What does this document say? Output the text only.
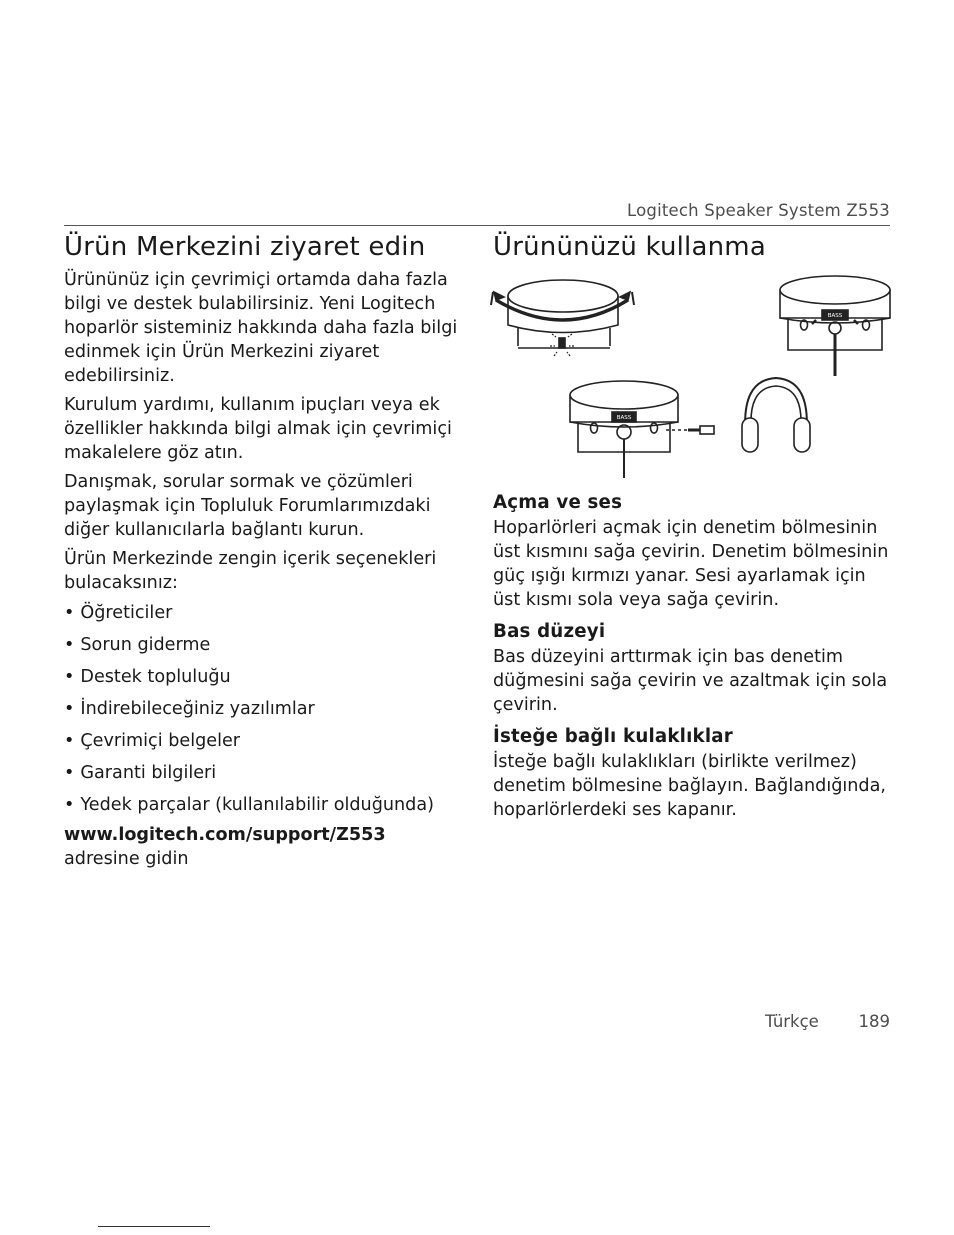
Logitech Speaker System Z553
Ürün Merkezini ziyaret edin

Ürününüz için çevrimiçi ortamda daha fazla bilgi ve destek bulabilirsiniz. Yeni Logitech hoparlör sisteminiz hakkında daha fazla bilgi edinmek için Ürün Merkezini ziyaret edebilirsiniz.

Kurulum yardımı, kullanım ipuçları veya ek özellikler hakkında bilgi almak için çevrimiçi makalelere göz atın.

Danışmak, sorular sormak ve çözümleri paylaşmak için Topluluk Forumlarımızdaki diğer kullanıcılarla bağlantı kurun.

Ürün Merkezinde zengin içerik seçenekleri bulacaksınız:

• Öğreticiler
• Sorun giderme
• Destek topluluğu
• İndirebileceğiniz yazılımlar
• Çevrimiçi belgeler
• Garanti bilgileri
• Yedek parçalar (kullanılabilir olduğunda)
www.logitech.com/support/Z553 adresine gidin
Ürününüzü kullanma
BASS
BASS
Açma ve ses

Hoparlörleri açmak için denetim bölmesinin üst kısmını sağa çevirin. Denetim bölmesinin güç ışığı kırmızı yanar. Sesi ayarlamak için üst kısmı sola veya sağa çevirin.

Bas düzeyi

Bas düzeyini arttırmak için bas denetim düğmesini sağa çevirin ve azaltmak için sola çevirin.

İsteğe bağlı kulaklıklar

İsteğe bağlı kulaklıkları (birlikte verilmez) denetim bölmesine bağlayın. Bağlandığında, hoparlörlerdeki ses kapanır.

Türkçe 189
